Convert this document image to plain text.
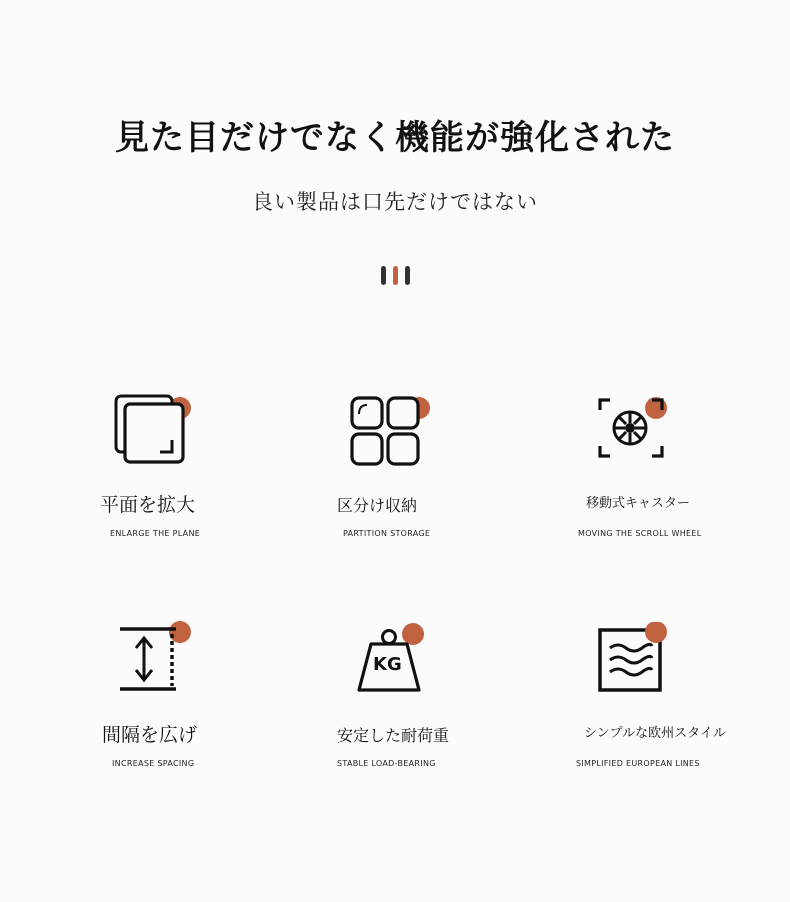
見た目だけでなく機能が強化された
良い製品は口先だけではない
平面を拡大
ENLARGE THE PLANE
区分け収納
PARTITION STORAGE
移動式キャスター
MOVING THE SCROLL WHEEL
間隔を広げ
INCREASE SPACING
KG
安定した耐荷重
STABLE LOAD-BEARING
シンプルな欧州スタイル
SIMPLIFIED EUROPEAN LINES
